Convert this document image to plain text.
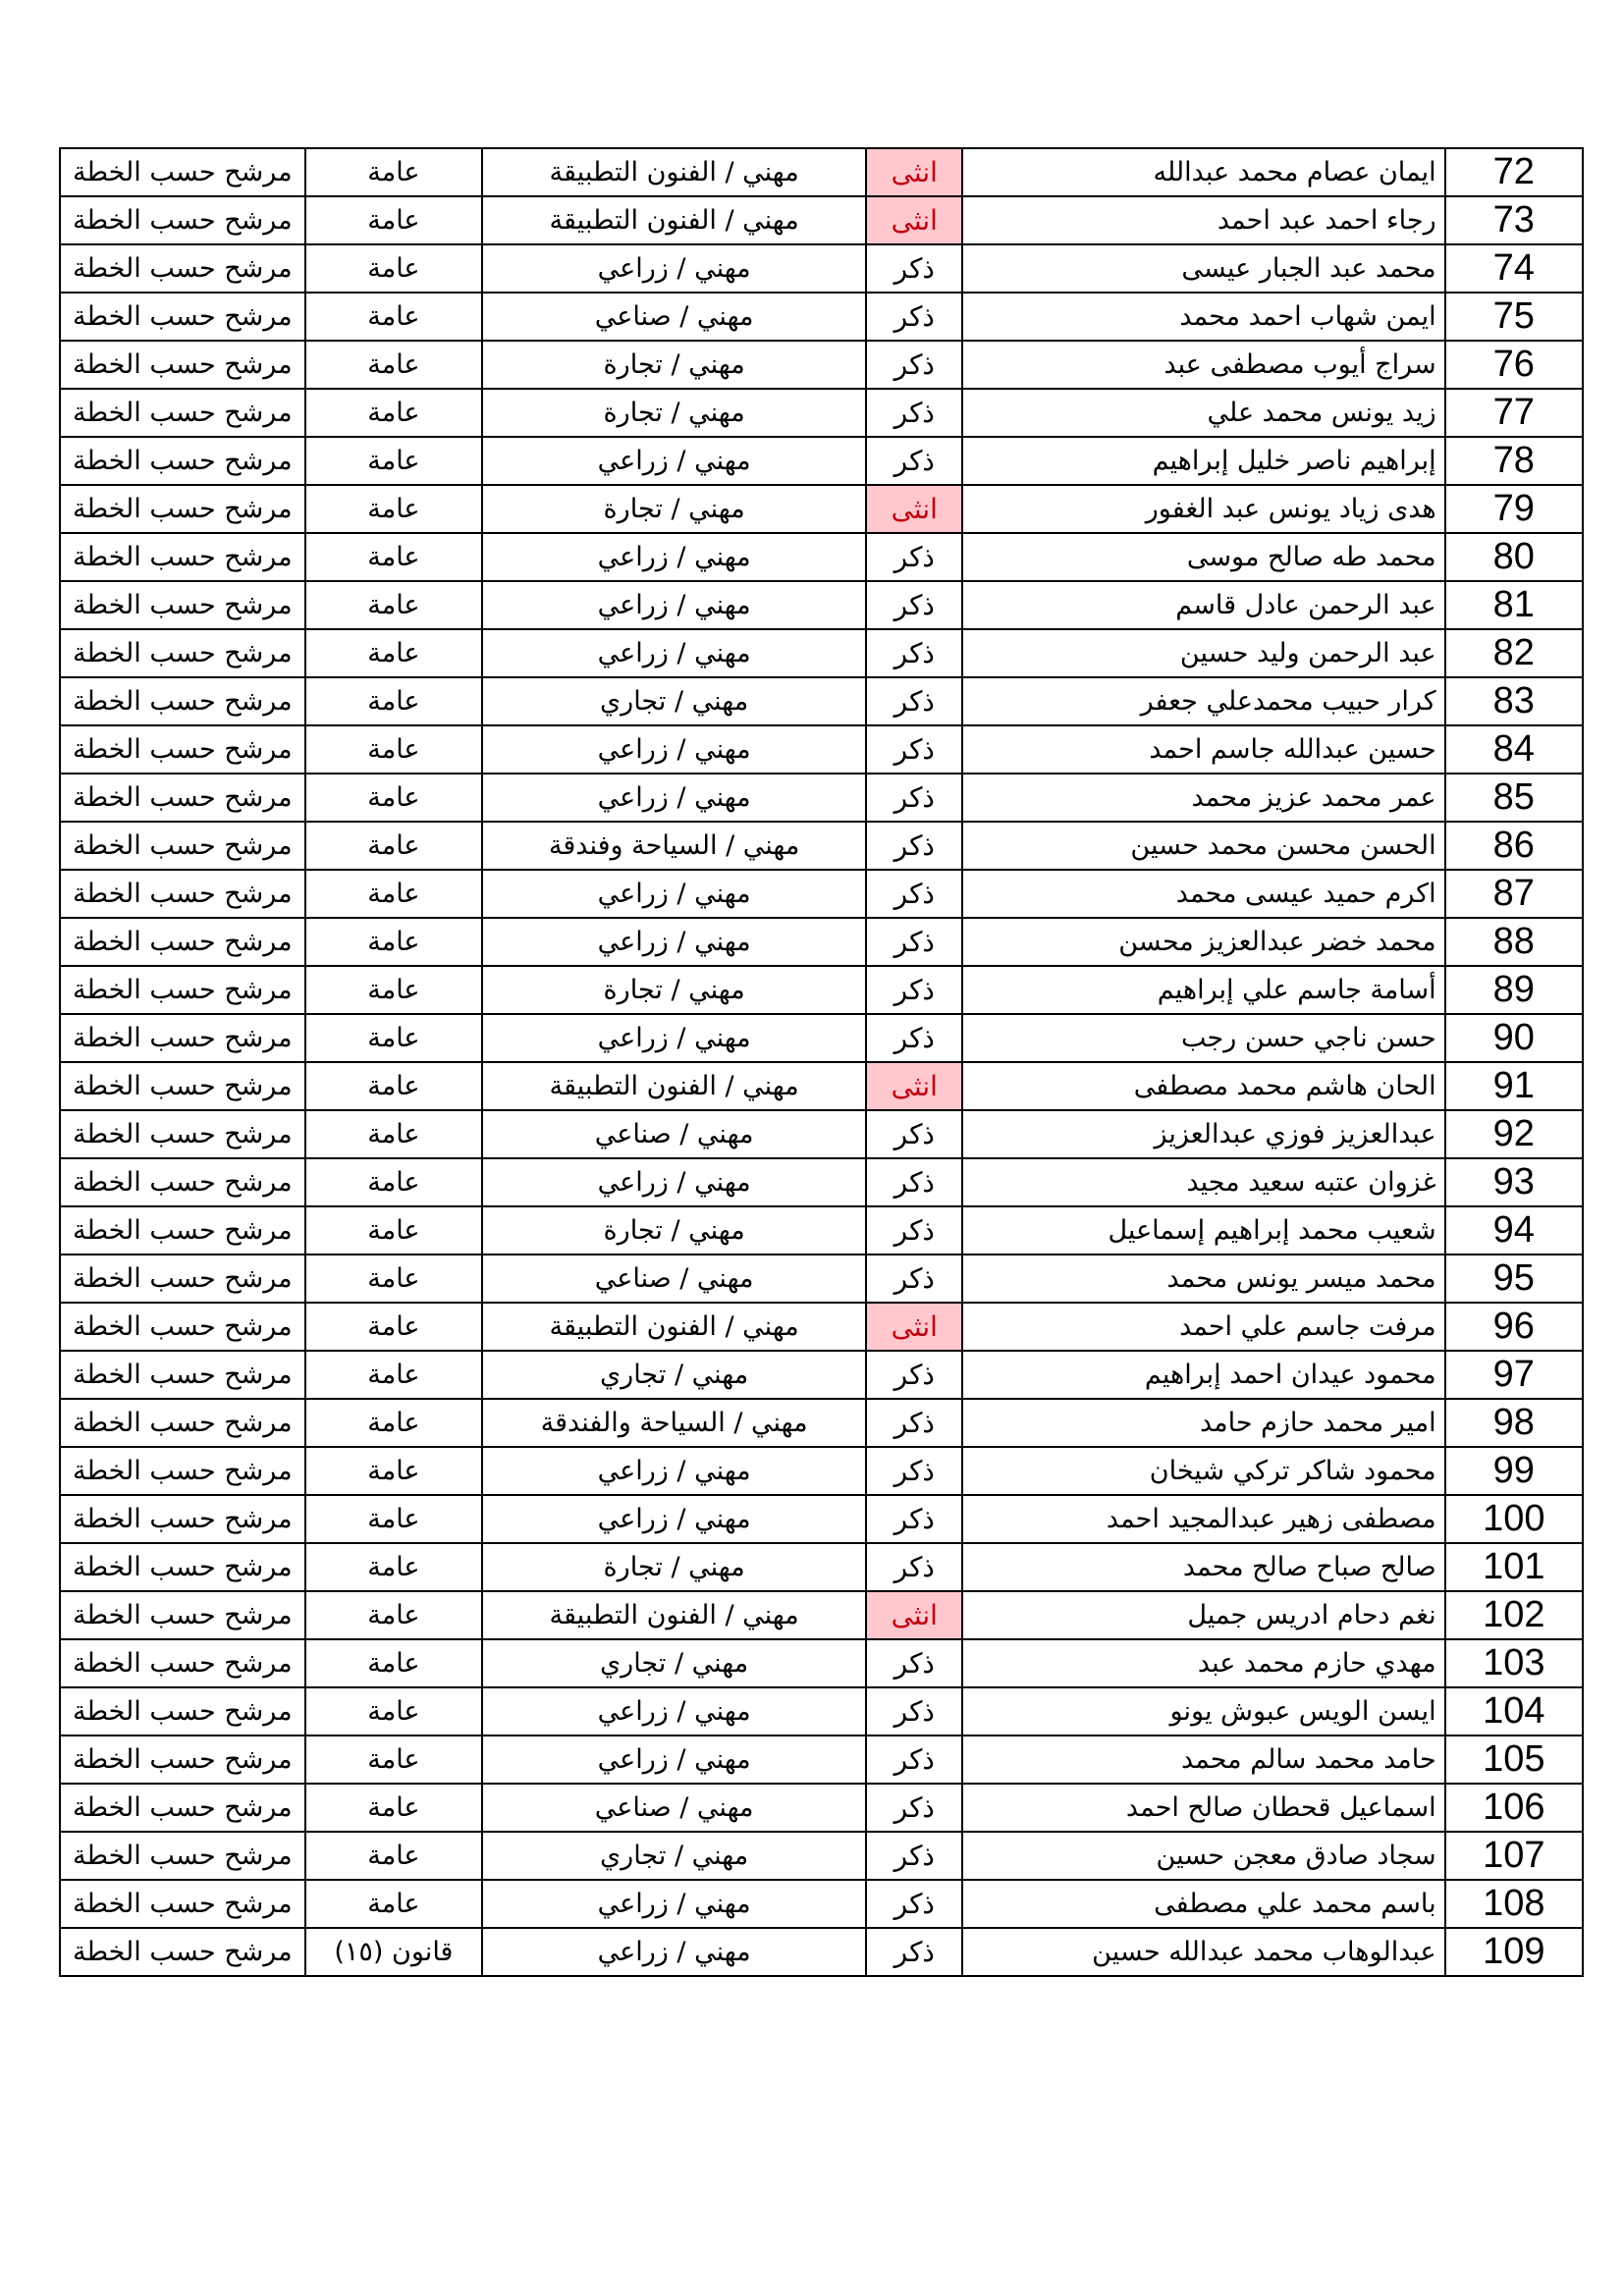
72	ايمان عصام محمد عبدالله	انثى	مهني / الفنون التطبيقة	عامة	مرشح حسب الخطة
73	رجاء احمد عبد احمد	انثى	مهني / الفنون التطبيقة	عامة	مرشح حسب الخطة
74	محمد عبد الجبار عيسى	ذكر	مهني / زراعي	عامة	مرشح حسب الخطة
75	ايمن شهاب احمد محمد	ذكر	مهني / صناعي	عامة	مرشح حسب الخطة
76	سراج أيوب مصطفى عبد	ذكر	مهني / تجارة	عامة	مرشح حسب الخطة
77	زيد يونس محمد علي	ذكر	مهني / تجارة	عامة	مرشح حسب الخطة
78	إبراهيم ناصر خليل إبراهيم	ذكر	مهني / زراعي	عامة	مرشح حسب الخطة
79	هدى زياد يونس عبد الغفور	انثى	مهني / تجارة	عامة	مرشح حسب الخطة
80	محمد طه صالح موسى	ذكر	مهني / زراعي	عامة	مرشح حسب الخطة
81	عبد الرحمن عادل قاسم	ذكر	مهني / زراعي	عامة	مرشح حسب الخطة
82	عبد الرحمن وليد حسين	ذكر	مهني / زراعي	عامة	مرشح حسب الخطة
83	كرار حبيب محمدعلي جعفر	ذكر	مهني / تجاري	عامة	مرشح حسب الخطة
84	حسين عبدالله جاسم احمد	ذكر	مهني / زراعي	عامة	مرشح حسب الخطة
85	عمر محمد عزيز محمد	ذكر	مهني / زراعي	عامة	مرشح حسب الخطة
86	الحسن محسن محمد حسين	ذكر	مهني / السياحة وفندقة	عامة	مرشح حسب الخطة
87	اكرم حميد عيسى محمد	ذكر	مهني / زراعي	عامة	مرشح حسب الخطة
88	محمد خضر عبدالعزيز محسن	ذكر	مهني / زراعي	عامة	مرشح حسب الخطة
89	أسامة جاسم علي إبراهيم	ذكر	مهني / تجارة	عامة	مرشح حسب الخطة
90	حسن ناجي حسن رجب	ذكر	مهني / زراعي	عامة	مرشح حسب الخطة
91	الحان هاشم محمد مصطفى	انثى	مهني / الفنون التطبيقة	عامة	مرشح حسب الخطة
92	عبدالعزيز فوزي عبدالعزيز	ذكر	مهني / صناعي	عامة	مرشح حسب الخطة
93	غزوان عتبه سعيد مجيد	ذكر	مهني / زراعي	عامة	مرشح حسب الخطة
94	شعيب محمد إبراهيم إسماعيل	ذكر	مهني / تجارة	عامة	مرشح حسب الخطة
95	محمد ميسر يونس محمد	ذكر	مهني / صناعي	عامة	مرشح حسب الخطة
96	مرفت جاسم علي احمد	انثى	مهني / الفنون التطبيقة	عامة	مرشح حسب الخطة
97	محمود عيدان احمد إبراهيم	ذكر	مهني / تجاري	عامة	مرشح حسب الخطة
98	امير محمد حازم حامد	ذكر	مهني / السياحة والفندقة	عامة	مرشح حسب الخطة
99	محمود شاكر تركي شيخان	ذكر	مهني / زراعي	عامة	مرشح حسب الخطة
100	مصطفى زهير عبدالمجيد احمد	ذكر	مهني / زراعي	عامة	مرشح حسب الخطة
101	صالح صباح صالح محمد	ذكر	مهني / تجارة	عامة	مرشح حسب الخطة
102	نغم دحام ادريس جميل	انثى	مهني / الفنون التطبيقة	عامة	مرشح حسب الخطة
103	مهدي حازم محمد عبد	ذكر	مهني / تجاري	عامة	مرشح حسب الخطة
104	ايسن الويس عبوش يونو	ذكر	مهني / زراعي	عامة	مرشح حسب الخطة
105	حامد محمد سالم محمد	ذكر	مهني / زراعي	عامة	مرشح حسب الخطة
106	اسماعيل قحطان صالح احمد	ذكر	مهني / صناعي	عامة	مرشح حسب الخطة
107	سجاد صادق معجن حسين	ذكر	مهني / تجاري	عامة	مرشح حسب الخطة
108	باسم محمد علي مصطفى	ذكر	مهني / زراعي	عامة	مرشح حسب الخطة
109	عبدالوهاب محمد عبدالله حسين	ذكر	مهني / زراعي	قانون (١٥)	مرشح حسب الخطة
